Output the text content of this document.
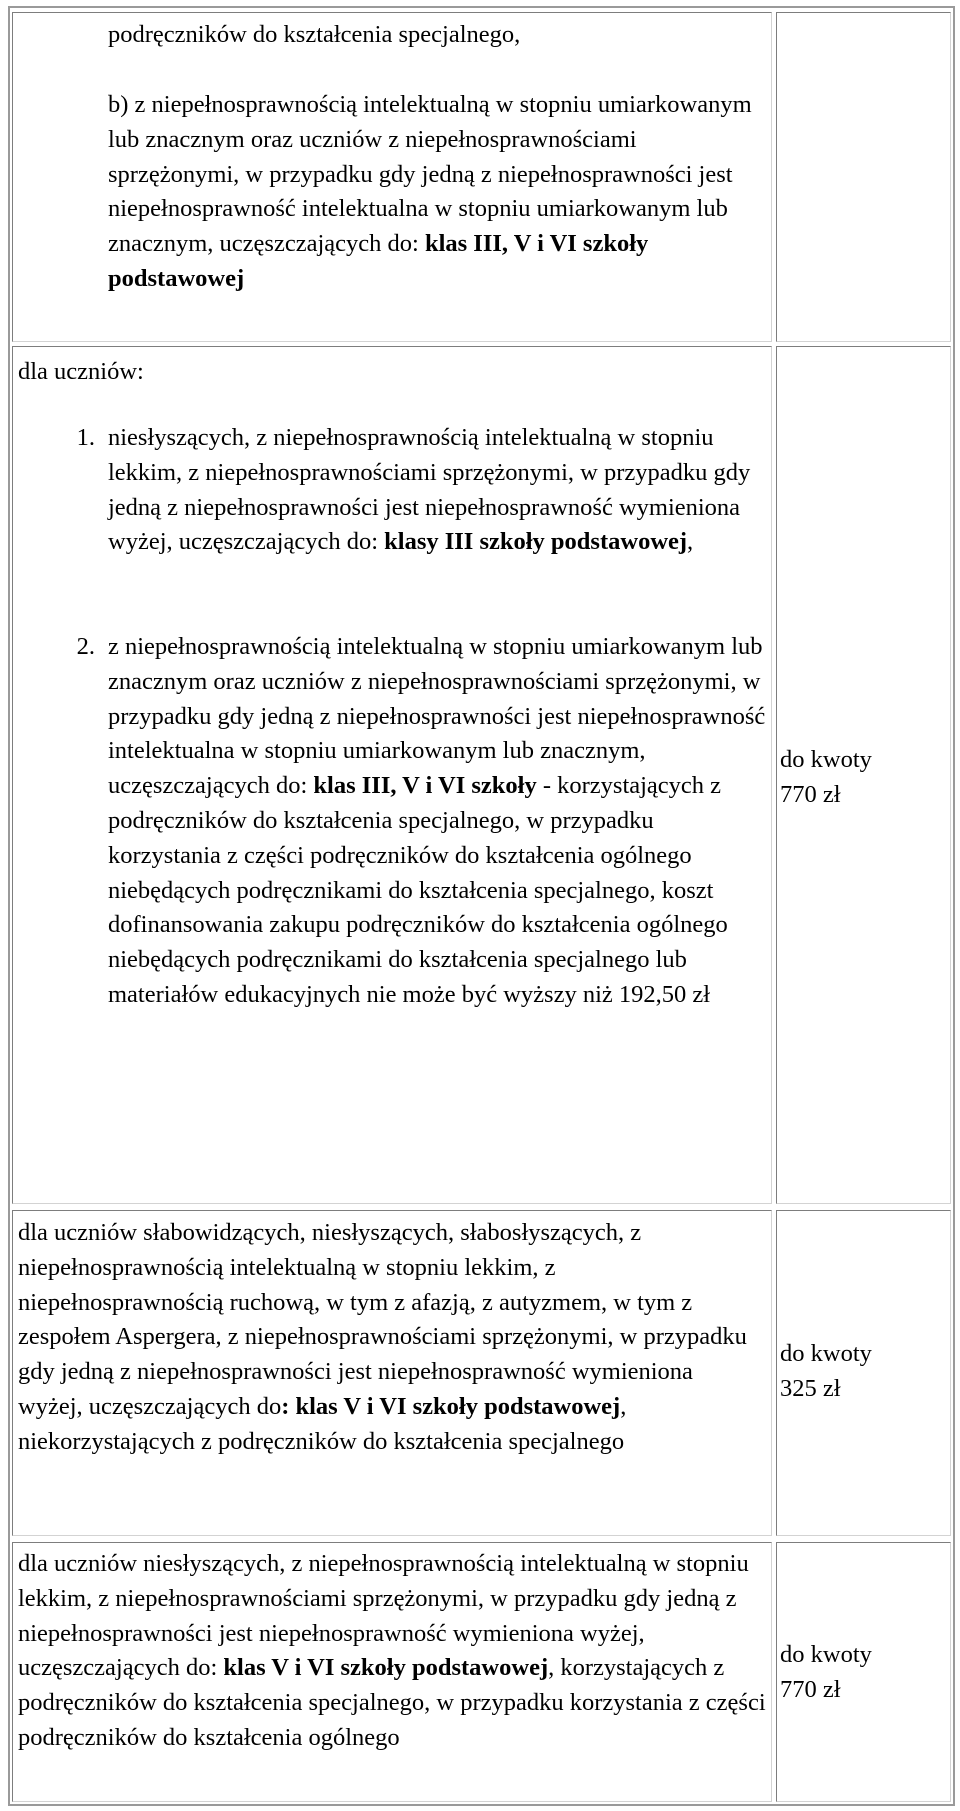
podręczników do kształcenia specjalnego,

b) z niepełnosprawnością intelektualną w stopniu umiarkowanym lub znacznym oraz uczniów z niepełnosprawnościami sprzężonymi, w przypadku gdy jedną z niepełnosprawności jest niepełnosprawność intelektualna w stopniu umiarkowanym lub znacznym, uczęszczających do: klas III, V i VI szkoły podstawowej

dla uczniów:

1. niesłyszących, z niepełnosprawnością intelektualną w stopniu lekkim, z niepełnosprawnościami sprzężonymi, w przypadku gdy jedną z niepełnosprawności jest niepełnosprawność wymieniona wyżej, uczęszczających do: klasy III szkoły podstawowej,

2. z niepełnosprawnością intelektualną w stopniu umiarkowanym lub znacznym oraz uczniów z niepełnosprawnościami sprzężonymi, w przypadku gdy jedną z niepełnosprawności jest niepełnosprawność intelektualna w stopniu umiarkowanym lub znacznym, uczęszczających do: klas III, V i VI szkoły - korzystających z podręczników do kształcenia specjalnego, w przypadku korzystania z części podręczników do kształcenia ogólnego niebędących podręcznikami do kształcenia specjalnego, koszt dofinansowania zakupu podręczników do kształcenia ogólnego niebędących podręcznikami do kształcenia specjalnego lub materiałów edukacyjnych nie może być wyższy niż 192,50 zł

do kwoty
770 zł

dla uczniów słabowidzących, niesłyszących, słabosłyszących, z niepełnosprawnością intelektualną w stopniu lekkim, z niepełnosprawnością ruchową, w tym z afazją, z autyzmem, w tym z zespołem Aspergera, z niepełnosprawnościami sprzężonymi, w przypadku gdy jedną z niepełnosprawności jest niepełnosprawność wymieniona wyżej, uczęszczających do: klas V i VI szkoły podstawowej, niekorzystających z podręczników do kształcenia specjalnego

do kwoty
325 zł

dla uczniów niesłyszących, z niepełnosprawnością intelektualną w stopniu lekkim, z niepełnosprawnościami sprzężonymi, w przypadku gdy jedną z niepełnosprawności jest niepełnosprawność wymieniona wyżej, uczęszczających do: klas V i VI szkoły podstawowej, korzystających z podręczników do kształcenia specjalnego, w przypadku korzystania z części podręczników do kształcenia ogólnego

do kwoty
770 zł
